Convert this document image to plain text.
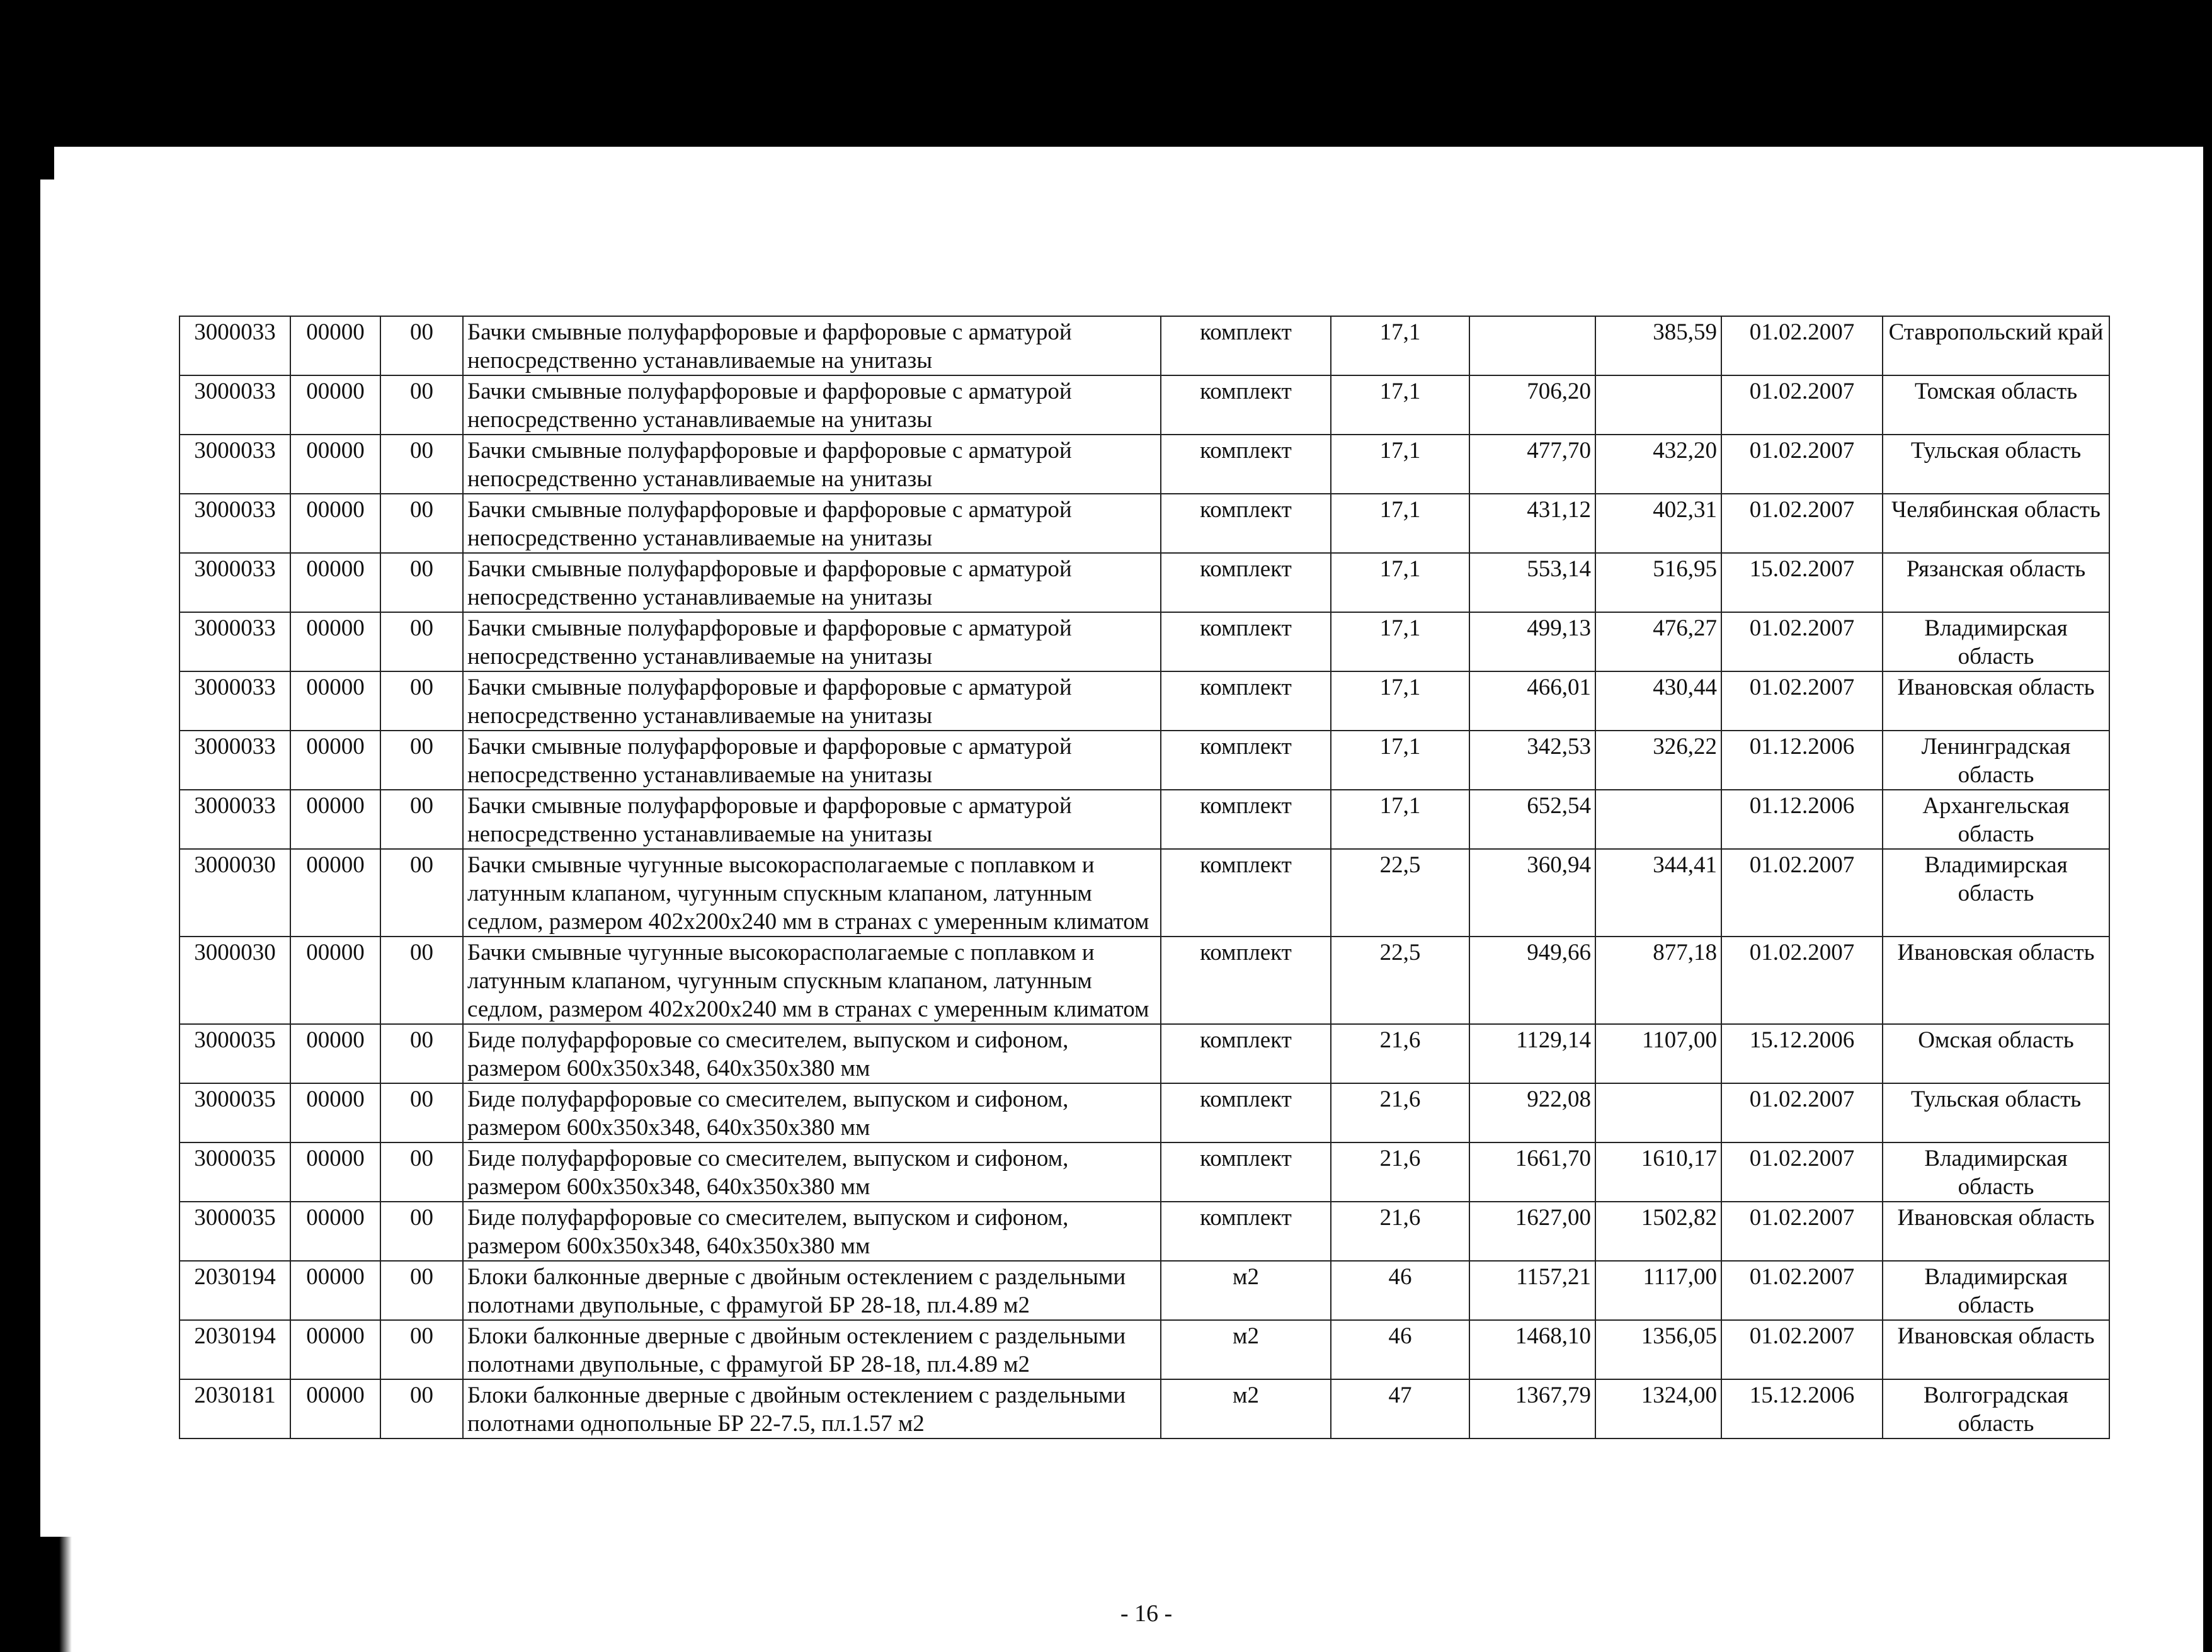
3000033	00000	00	Бачки смывные полуфарфоровые и фарфоровые с арматурой непосредственно устанавливаемые на унитазы	комплект	17,1		385,59	01.02.2007	Ставропольский край
3000033	00000	00	Бачки смывные полуфарфоровые и фарфоровые с арматурой непосредственно устанавливаемые на унитазы	комплект	17,1	706,20		01.02.2007	Томская область
3000033	00000	00	Бачки смывные полуфарфоровые и фарфоровые с арматурой непосредственно устанавливаемые на унитазы	комплект	17,1	477,70	432,20	01.02.2007	Тульская область
3000033	00000	00	Бачки смывные полуфарфоровые и фарфоровые с арматурой непосредственно устанавливаемые на унитазы	комплект	17,1	431,12	402,31	01.02.2007	Челябинская область
3000033	00000	00	Бачки смывные полуфарфоровые и фарфоровые с арматурой непосредственно устанавливаемые на унитазы	комплект	17,1	553,14	516,95	15.02.2007	Рязанская область
3000033	00000	00	Бачки смывные полуфарфоровые и фарфоровые с арматурой непосредственно устанавливаемые на унитазы	комплект	17,1	499,13	476,27	01.02.2007	Владимирская область
3000033	00000	00	Бачки смывные полуфарфоровые и фарфоровые с арматурой непосредственно устанавливаемые на унитазы	комплект	17,1	466,01	430,44	01.02.2007	Ивановская область
3000033	00000	00	Бачки смывные полуфарфоровые и фарфоровые с арматурой непосредственно устанавливаемые на унитазы	комплект	17,1	342,53	326,22	01.12.2006	Ленинградская область
3000033	00000	00	Бачки смывные полуфарфоровые и фарфоровые с арматурой непосредственно устанавливаемые на унитазы	комплект	17,1	652,54		01.12.2006	Архангельская область
3000030	00000	00	Бачки смывные чугунные высокорасполагаемые с поплавком и латунным клапаном, чугунным спускным клапаном, латунным седлом, размером 402х200х240 мм в странах с умеренным климатом	комплект	22,5	360,94	344,41	01.02.2007	Владимирская область
3000030	00000	00	Бачки смывные чугунные высокорасполагаемые с поплавком и латунным клапаном, чугунным спускным клапаном, латунным седлом, размером 402х200х240 мм в странах с умеренным климатом	комплект	22,5	949,66	877,18	01.02.2007	Ивановская область
3000035	00000	00	Биде полуфарфоровые со смесителем, выпуском и сифоном, размером 600х350х348, 640х350х380 мм	комплект	21,6	1129,14	1107,00	15.12.2006	Омская область
3000035	00000	00	Биде полуфарфоровые со смесителем, выпуском и сифоном, размером 600х350х348, 640х350х380 мм	комплект	21,6	922,08		01.02.2007	Тульская область
3000035	00000	00	Биде полуфарфоровые со смесителем, выпуском и сифоном, размером 600х350х348, 640х350х380 мм	комплект	21,6	1661,70	1610,17	01.02.2007	Владимирская область
3000035	00000	00	Биде полуфарфоровые со смесителем, выпуском и сифоном, размером 600х350х348, 640х350х380 мм	комплект	21,6	1627,00	1502,82	01.02.2007	Ивановская область
2030194	00000	00	Блоки балконные дверные с двойным остеклением с раздельными полотнами двупольные, с фрамугой БР 28-18, пл.4.89 м2	м2	46	1157,21	1117,00	01.02.2007	Владимирская область
2030194	00000	00	Блоки балконные дверные с двойным остеклением с раздельными полотнами двупольные, с фрамугой БР 28-18, пл.4.89 м2	м2	46	1468,10	1356,05	01.02.2007	Ивановская область
2030181	00000	00	Блоки балконные дверные с двойным остеклением с раздельными полотнами однопольные БР 22-7.5, пл.1.57 м2	м2	47	1367,79	1324,00	15.12.2006	Волгоградская область
- 16 -
